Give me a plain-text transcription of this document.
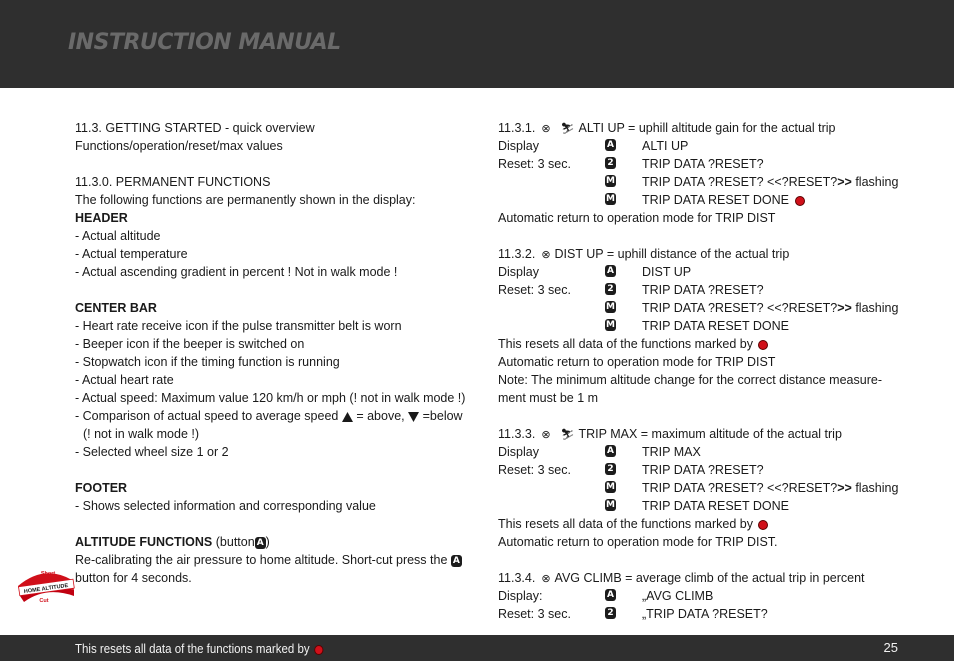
INSTRUCTION MANUAL
11.3. GETTING STARTED - quick overview
Functions/operation/reset/max values
11.3.0. PERMANENT FUNCTIONS
The following functions are permanently shown in the display:
HEADER
- Actual altitude
- Actual temperature
- Actual ascending gradient in percent ! Not in walk mode !
CENTER BAR
- Heart rate receive icon if the pulse transmitter belt is worn
- Beeper icon if the beeper is switched on
- Stopwatch icon if the timing function is running
- Actual heart rate
- Actual speed: Maximum value 120 km/h or mph (! not in walk mode !)
- Comparison of actual speed to average speed = above, =below
(! not in walk mode !)
- Selected wheel size 1 or 2
FOOTER
- Shows selected information and corresponding value
ALTITUDE FUNCTIONS (button A )
Re-calibrating the air pressure to home altitude. Short-cut press the A
button for 4 seconds.
Short
HOME ALTITUDE
Cut
11.3.1. ⊗ ⛷ ALTI UP = uphill altitude gain for the actual trip
Display	A ALTI UP
Reset: 3 sec.	2 TRIP DATA ?RESET?
M TRIP DATA ?RESET? <<?RESET?>> flashing
M TRIP DATA RESET DONE
Automatic return to operation mode for TRIP DIST
11.3.2. ⊗ DIST UP = uphill distance of the actual trip
Display	A DIST UP
Reset: 3 sec.	2 TRIP DATA ?RESET?
M TRIP DATA ?RESET? <<?RESET?>> flashing
M TRIP DATA RESET DONE
This resets all data of the functions marked by
Automatic return to operation mode for TRIP DIST
Note: The minimum altitude change for the correct distance measure-
ment must be 1 m
11.3.3. ⊗ ⛷ TRIP MAX = maximum altitude of the actual trip
Display	A TRIP MAX
Reset: 3 sec.	2 TRIP DATA ?RESET?
M TRIP DATA ?RESET? <<?RESET?>> flashing
M TRIP DATA RESET DONE
This resets all data of the functions marked by
Automatic return to operation mode for TRIP DIST.
11.3.4. ⊗ AVG CLIMB = average climb of the actual trip in percent
Display:	A „AVG CLIMB
Reset: 3 sec.	2 „TRIP DATA ?RESET?
This resets all data of the functions marked by	25
